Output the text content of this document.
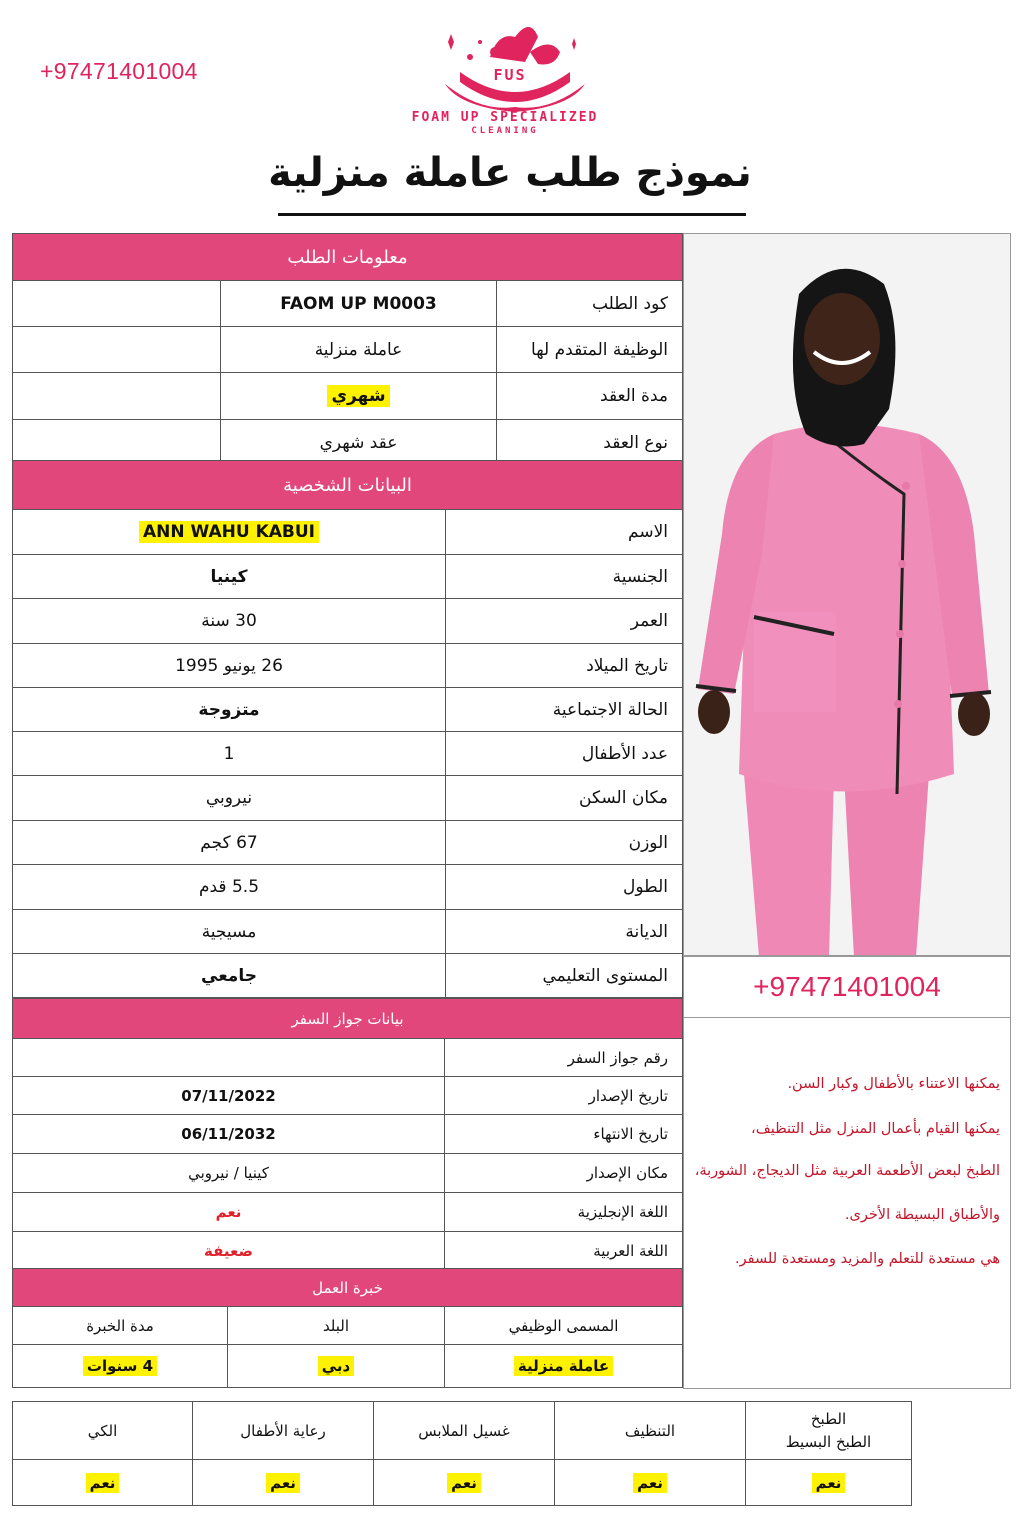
+97471401004	FUS
FOAM UP SPECIALIZED
CLEANING
نموذج طلب عاملة منزلية
معلومات الطلب		
كود الطلب	FAOM UP M0003	
الوظيفة المتقدم لها	عاملة منزلية	
مدة العقد	شهري	
نوع العقد	عقد شهري	
البيانات الشخصية	
الاسم	ANN WAHU KABUI
الجنسية	كينيا
العمر	30 سنة
تاريخ الميلاد	26 يونيو 1995
الحالة الاجتماعية	متزوجة
عدد الأطفال	1
مكان السكن	نيروبي
الوزن	67 كجم
الطول	5.5 قدم
الديانة	مسيجية
المستوى التعليمي	جامعي
بيانات جواز السفر	
رقم جواز السفر	
تاريخ الإصدار	07/11/2022
تاريخ الانتهاء	06/11/2032
مكان الإصدار	كينيا / نيروبي
اللغة الإنجليزية	نعم
اللغة العربية	ضعيفة
خبرة العمل		
المسمى الوظيفي	البلد	مدة الخبرة
عاملة منزلية	دبي	4 سنوات
+97471401004
يمكنها الاعتناء بالأطفال وكبار السن.
يمكنها القيام بأعمال المنزل مثل التنظيف،
الطبخ لبعض الأطعمة العربية مثل الديجاج، الشوربة،
والأطباق البسيطة الأخرى.
هي مستعدة للتعلم والمزيد ومستعدة للسفر.
الطبخ
الطبخ البسيط	التنظيف	غسيل الملابس	رعاية الأطفال	الكي
نعم	نعم	نعم	نعم	نعم
